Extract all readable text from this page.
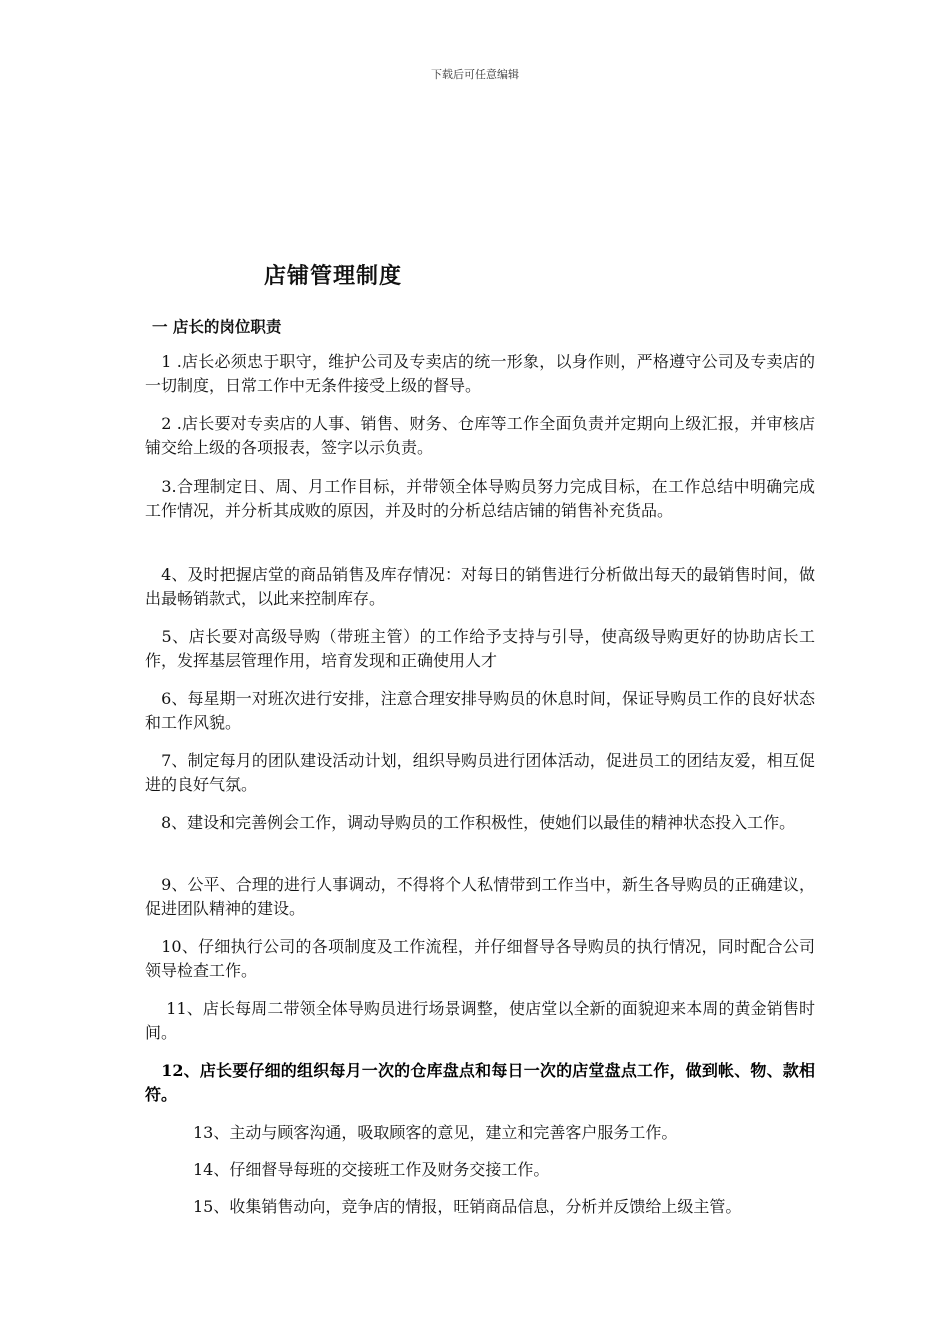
下载后可任意编辑
店铺管理制度
一 店长的岗位职责

　1 .店长必须忠于职守，维护公司及专卖店的统一形象，以身作则，严格遵守公司及专卖店的一切制度，日常工作中无条件接受上级的督导。

　2 .店长要对专卖店的人事、销售、财务、仓库等工作全面负责并定期向上级汇报，并审核店铺交给上级的各项报表，签字以示负责。

　3.合理制定日、周、月工作目标，并带领全体导购员努力完成目标，在工作总结中明确完成工作情况，并分析其成败的原因，并及时的分析总结店铺的销售补充货品。

　4、及时把握店堂的商品销售及库存情况：对每日的销售进行分析做出每天的最销售时间，做出最畅销款式，以此来控制库存。

　5、店长要对高级导购（带班主管）的工作给予支持与引导，使高级导购更好的协助店长工作，发挥基层管理作用，培育发现和正确使用人才

　6、每星期一对班次进行安排，注意合理安排导购员的休息时间，保证导购员工作的良好状态和工作风貌。

　7、制定每月的团队建设活动计划，组织导购员进行团体活动，促进员工的团结友爱，相互促进的良好气氛。

　8、建设和完善例会工作，调动导购员的工作积极性，使她们以最佳的精神状态投入工作。

　9、公平、合理的进行人事调动，不得将个人私情带到工作当中，新生各导购员的正确建议，促进团队精神的建设。

　10、仔细执行公司的各项制度及工作流程，并仔细督导各导购员的执行情况，同时配合公司领导检查工作。

　 11、店长每周二带领全体导购员进行场景调整，使店堂以全新的面貌迎来本周的黄金销售时间。

　12、店长要仔细的组织每月一次的仓库盘点和每日一次的店堂盘点工作，做到帐、物、款相符。

　　　13、主动与顾客沟通，吸取顾客的意见，建立和完善客户服务工作。

　　　14、仔细督导每班的交接班工作及财务交接工作。

　　　15、收集销售动向，竞争店的情报，旺销商品信息，分析并反馈给上级主管。
